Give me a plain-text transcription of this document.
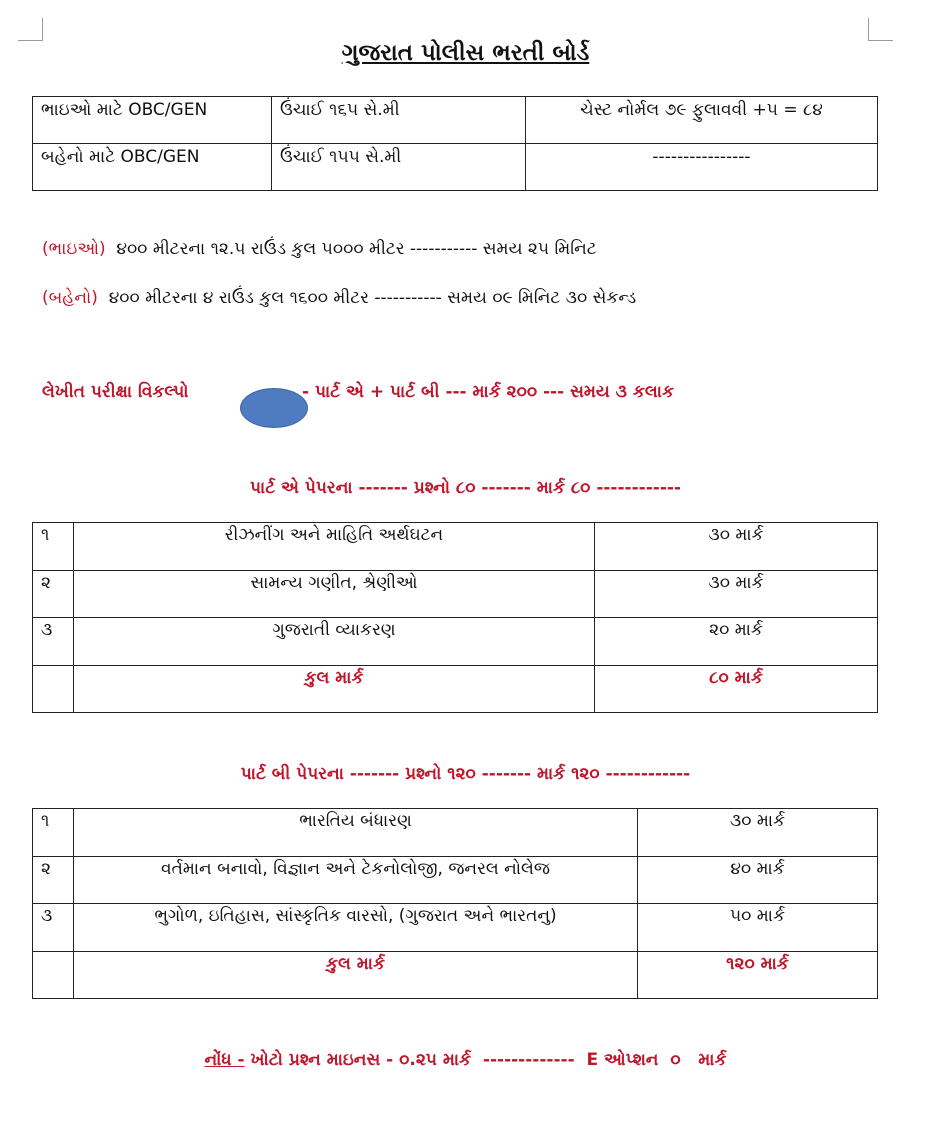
ગુજરાત પોલીસ ભરતી બોર્ડ
ભાઇઓ માટે OBC/GEN	ઉંચાઈ ૧૬૫ સે.મી	ચેસ્ટ નોર્મલ ૭૯ ફુલાવવી +૫ = ૮૪
બહેનો માટે OBC/GEN	ઉંચાઈ ૧૫૫ સે.મી	----------------
(ભાઇઓ) ૪૦૦ મીટરના ૧૨.૫ રાઉંડ કુલ ૫૦૦૦ મીટર ----------- સમય ૨૫ મિનિટ
(બહેનો) ૪૦૦ મીટરના ૪ રાઉંડ કુલ ૧૬૦૦ મીટર ----------- સમય ૦૯ મિનિટ ૩૦ સેકન્ડ
લેખીત પરીક્ષા વિકલ્પો	- પાર્ટ એ + પાર્ટ બી --- માર્ક ૨૦૦ --- સમય ૩ કલાક
પાર્ટ એ પેપરના ------- પ્રશ્નો ૮૦ ------- માર્ક ૮૦ ------------
૧	રીઝનીંગ અને માહિતિ અર્થઘટન	૩૦ માર્ક
૨	સામન્ય ગણીત, શ્રેણીઓ	૩૦ માર્ક
૩	ગુજરાતી વ્યાકરણ	૨૦ માર્ક
	કુલ માર્ક	૮૦ માર્ક
પાર્ટ બી પેપરના ------- પ્રશ્નો ૧૨૦ ------- માર્ક ૧૨૦ ------------
૧	ભારતિય બંધારણ	૩૦ માર્ક
૨	વર્તમાન બનાવો, વિજ્ઞાન અને ટેકનોલોજી, જનરલ નોલેજ	૪૦ માર્ક
૩	ભુગોળ, ઇતિહાસ, સાંસ્કૃતિક વારસો, (ગુજરાત અને ભારતનુ)	૫૦ માર્ક
	કુલ માર્ક	૧૨૦ માર્ક
નોંધ - ખોટો પ્રશ્ન માઇનસ - ૦.૨૫ માર્ક  -------------  E ઓપ્શન  ૦   માર્ક
